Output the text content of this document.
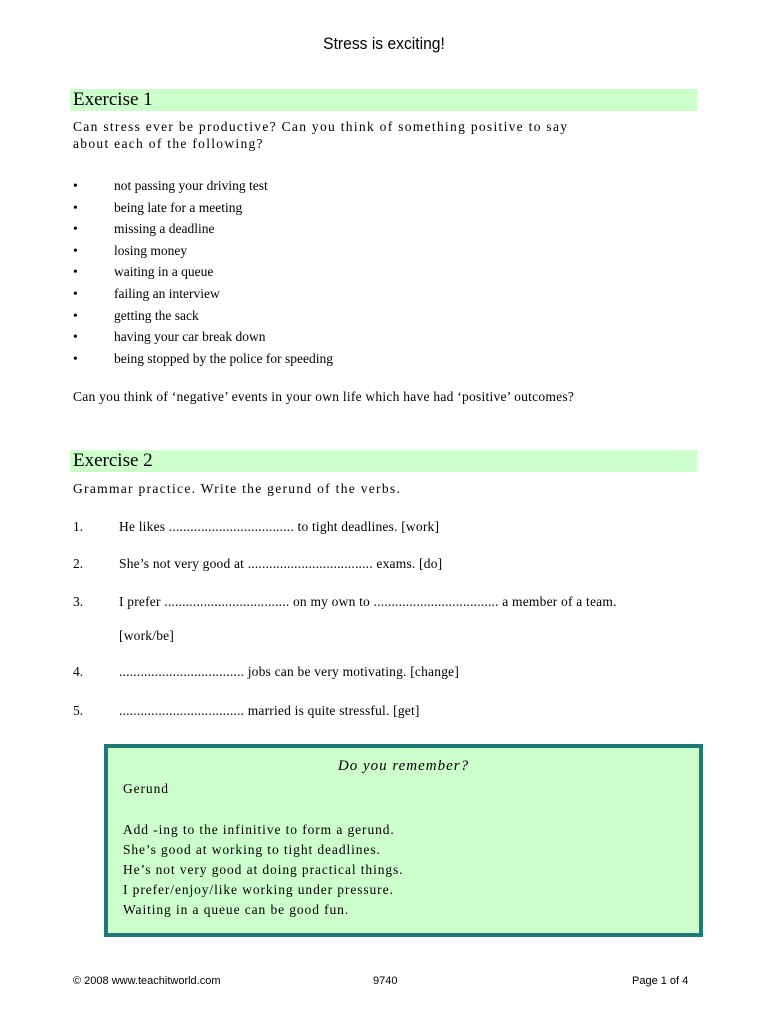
Stress is exciting!
Exercise 1
Can stress ever be productive? Can you think of something positive to say
about each of the following?
•	not passing your driving test
•	being late for a meeting
•	missing a deadline
•	losing money
•	waiting in a queue
•	failing an interview
•	getting the sack
•	having your car break down
•	being stopped by the police for speeding
Can you think of ‘negative’ events in your own life which have had ‘positive’ outcomes?
Exercise 2
Grammar practice. Write the gerund of the verbs.
1.	He likes ................................... to tight deadlines. [work]
2.	She’s not very good at ................................... exams. [do]
3.	I prefer ................................... on my own to ................................... a member of a team.
[work/be]
4.	................................... jobs can be very motivating. [change]
5.	................................... married is quite stressful. [get]
Do you remember?
Gerund
Add -ing to the infinitive to form a gerund.
She’s good at working to tight deadlines.
He’s not very good at doing practical things.
I prefer/enjoy/like working under pressure.
Waiting in a queue can be good fun.
© 2008 www.teachitworld.com	9740	Page 1 of 4
